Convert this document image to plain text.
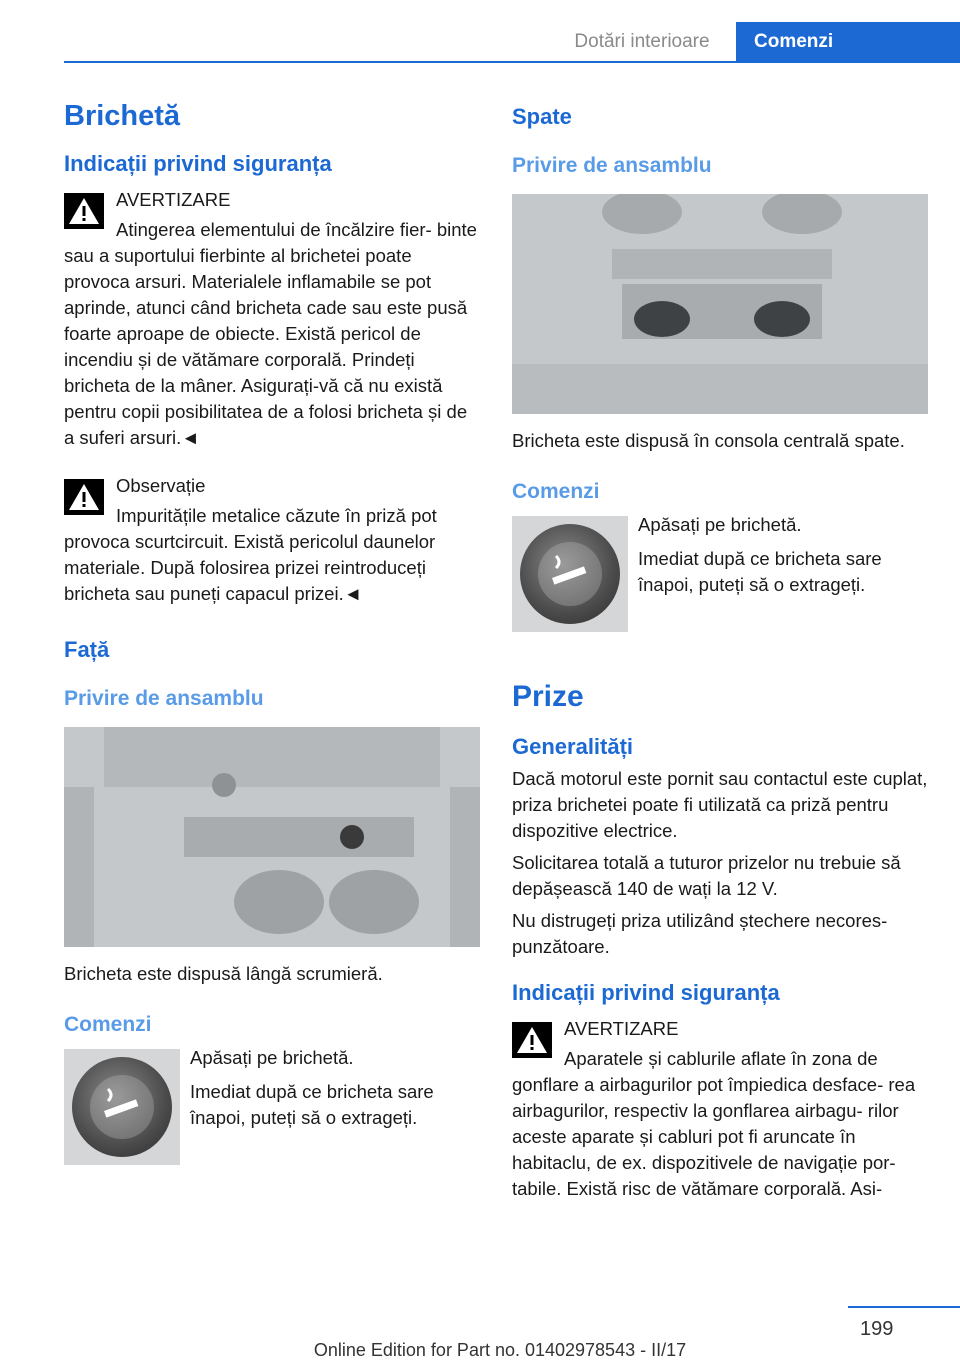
Dotări interioare	Comenzi
Brichetă
Indicații privind siguranța

AVERTIZARE

Atingerea elementului de încălzire fier- binte sau a suportului fierbinte al brichetei poate provoca arsuri. Materialele inflamabile se pot aprinde, atunci când bricheta cade sau este pusă foarte aproape de obiecte. Există pericol de incendiu și de vătămare corporală. Prindeți bricheta de la mâner. Asigurați-vă că nu există pentru copii posibilitatea de a folosi bricheta și de a suferi arsuri.◄

Observație

Impuritățile metalice căzute în priză pot provoca scurtcircuit. Există pericolul daunelor materiale. După folosirea prizei reintroduceți bricheta sau puneți capacul prizei.◄

Față
Privire de ansamblu

Bricheta este dispusă lângă scrumieră.

Comenzi

Apăsați pe brichetă.

Imediat după ce bricheta sare înapoi, puteți să o extrageți.

Spate
Privire de ansamblu

Bricheta este dispusă în consola centrală spate.

Comenzi

Apăsați pe brichetă.

Imediat după ce bricheta sare înapoi, puteți să o extrageți.

Prize
Generalități

Dacă motorul este pornit sau contactul este cuplat, priza brichetei poate fi utilizată ca priză pentru dispozitive electrice.

Solicitarea totală a tuturor prizelor nu trebuie să depășească 140 de wați la 12 V.

Nu distrugeți priza utilizând ștechere necores- punzătoare.

Indicații privind siguranța

AVERTIZARE

Aparatele și cablurile aflate în zona de gonflare a airbagurilor pot împiedica desface- rea airbagurilor, respectiv la gonflarea airbagu- rilor aceste aparate și cabluri pot fi aruncate în habitaclu, de ex. dispozitivele de navigație por- tabile. Există risc de vătămare corporală. Asi-

199
Online Edition for Part no. 01402978543 - II/17
